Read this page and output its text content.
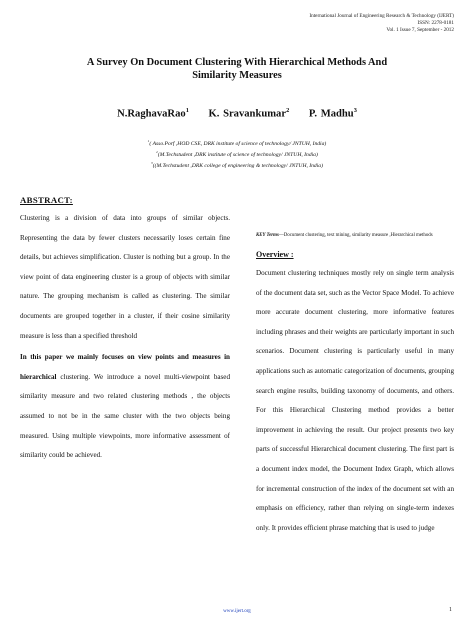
International Journal of Engineering Research & Technology (IJERT)
ISSN: 2278-0181
Vol. 1 Issue 7, September - 2012
A Survey On Document Clustering With Hierarchical Methods And
Similarity Measures
N.RaghavaRao$^1$ K. Sravankumar$^2$ P. Madhu$^3$
$^1$( Asso.Porf ,HOD CSE, DRK institute of science of technology/ JNTUH, India)
$^2$(M.Techstudent ,DRK institute of science of technology/ JNTUH, India)
$^3$((M.Techstudent ,DRK college of engineering & technology/ JNTUH, India)
ABSTRACT:

Clustering is a division of data into groups of similar objects. Representing the data by fewer clusters necessarily loses certain fine details, but achieves simplification. Cluster is nothing but a group. In the view point of data engineering cluster is a group of objects with similar nature. The grouping mechanism is called as clustering. The similar documents are grouped together in a cluster, if their cosine similarity measure is less than a specified threshold

In this paper we mainly focuses on view points and measures in hierarchical clustering. We introduce a novel multi-viewpoint based similarity measure and two related clustering methods , the objects assumed to not be in the same cluster with the two objects being measured. Using multiple viewpoints, more informative assessment of similarity could be achieved.

KEY Terms—Document clustering, text mining, similarity measure ,Hierarchical methods

Overview :

Document clustering techniques mostly rely on single term analysis of the document data set, such as the Vector Space Model. To achieve more accurate document clustering, more informative features including phrases and their weights are particularly important in such scenarios. Document clustering is particularly useful in many applications such as automatic categorization of documents, grouping search engine results, building taxonomy of documents, and others. For this Hierarchical Clustering method provides a better improvement in achieving the result. Our project presents two key parts of successful Hierarchical document clustering. The first part is a document index model, the Document Index Graph, which allows for incremental construction of the index of the document set with an emphasis on efficiency, rather than relying on single-term indexes only. It provides efficient phrase matching that is used to judge

www.ijert.org	1
